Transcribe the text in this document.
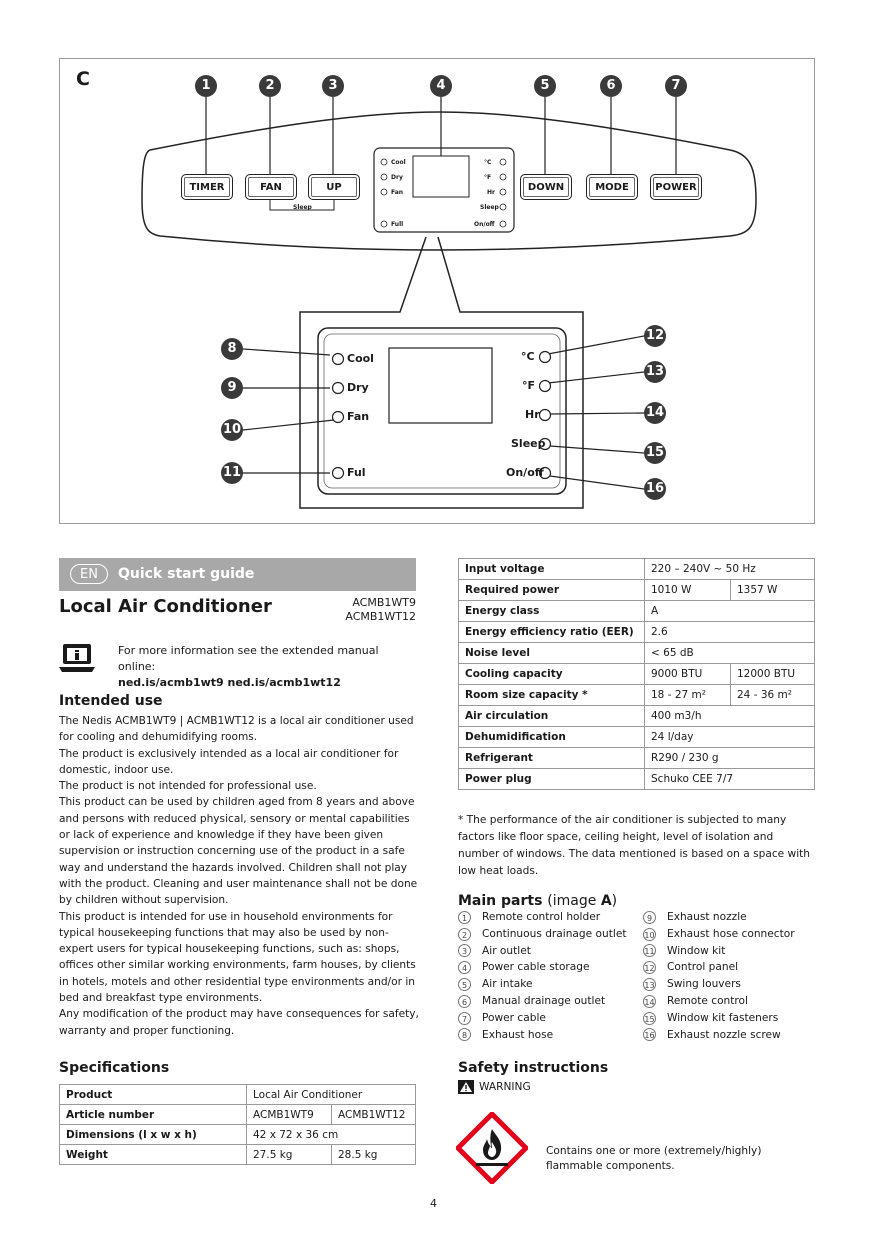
C	1	2	3	4	5	6	7
TIMER	FAN	UP	DOWN	MODE	POWER
Sleep
Cool
Dry
Fan
Full
°C
°F
Hr
Sleep
On/off
8
9
10
11
12
13
14
15
16
Cool
Dry
Fan
Ful
°C
°F
Hr
Sleep
On/off
EN	Quick start guide
Local Air Conditioner	ACMB1WT9
ACMB1WT12
For more information see the extended manual online:
ned.is/acmb1wt9 ned.is/acmb1wt12
Intended use

The Nedis ACMB1WT9 | ACMB1WT12 is a local air conditioner used for cooling and dehumidifying rooms.

The product is exclusively intended as a local air conditioner for domestic, indoor use.

The product is not intended for professional use.

This product can be used by children aged from 8 years and above and persons with reduced physical, sensory or mental capabilities or lack of experience and knowledge if they have been given supervision or instruction concerning use of the product in a safe way and understand the hazards involved. Children shall not play with the product. Cleaning and user maintenance shall not be done by children without supervision.

This product is intended for use in household environments for typical housekeeping functions that may also be used by non-expert users for typical housekeeping functions, such as: shops, offices other similar working environments, farm houses, by clients in hotels, motels and other residential type environments and/or in bed and breakfast type environments.

Any modification of the product may have consequences for safety, warranty and proper functioning.

Specifications
Product	Local Air Conditioner	
Article number	ACMB1WT9	ACMB1WT12
Dimensions (l x w x h)	42 x 72 x 36 cm	
Weight	27.5 kg	28.5 kg
Input voltage	220 – 240V ~ 50 Hz	
Required power	1010 W	1357 W
Energy class	A	
Energy efficiency ratio (EER)	2.6	
Noise level	< 65 dB	
Cooling capacity	9000 BTU	12000 BTU
Room size capacity *	18 - 27 m²	24 - 36 m²
Air circulation	400 m3/h	
Dehumidification	24 l/day	
Refrigerant	R290 / 230 g	
Power plug	Schuko CEE 7/7	
* The performance of the air conditioner is subjected to many factors like floor space, ceiling height, level of isolation and number of windows. The data mentioned is based on a space with low heat loads.
Main parts (image A)
1	Remote control holder
2	Continuous drainage outlet
3	Air outlet
4	Power cable storage
5	Air intake
6	Manual drainage outlet
7	Power cable
8	Exhaust hose
9	Exhaust nozzle
10 Exhaust hose connector
11 Window kit
12 Control panel
13 Swing louvers
14 Remote control
15 Window kit fasteners
16 Exhaust nozzle screw
Safety instructions
WARNING
Contains one or more (extremely/highly) flammable components.
4
